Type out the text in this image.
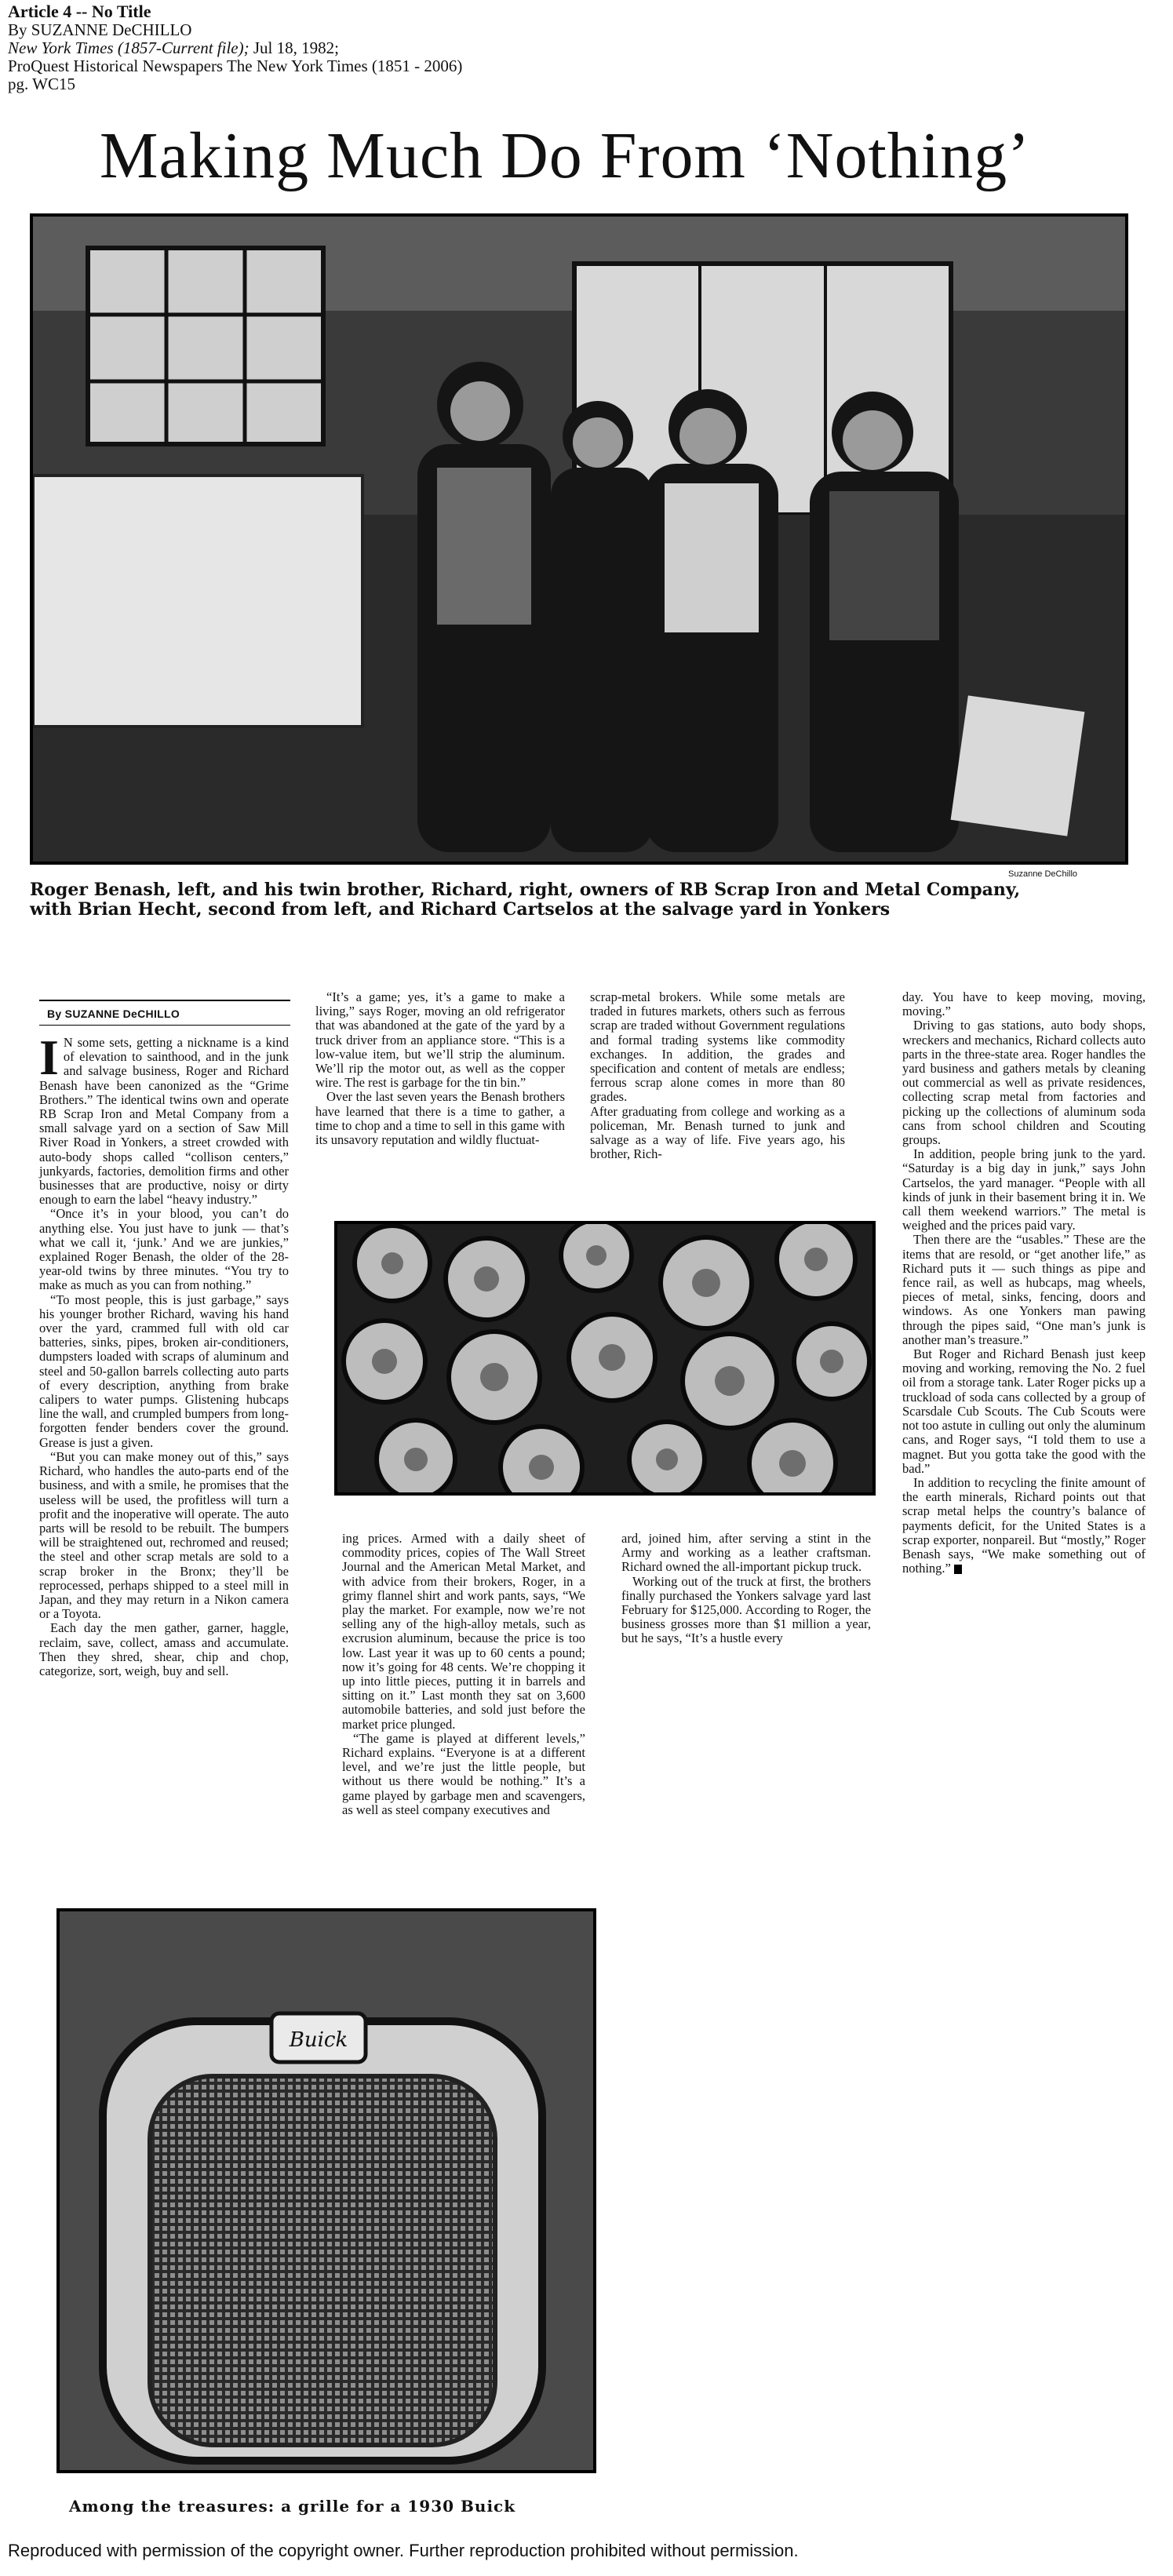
Article 4 -- No Title
By SUZANNE DeCHILLO
New York Times (1857-Current file); Jul 18, 1982;
ProQuest Historical Newspapers The New York Times (1851 - 2006)
pg. WC15
Making Much Do From ‘Nothing’
Suzanne DeChillo
Roger Benash, left, and his twin brother, Richard, right, owners of RB Scrap Iron and Metal Company,
with Brian Hecht, second from left, and Richard Cartselos at the salvage yard in Yonkers
By SUZANNE DeCHILLO

I N some sets, getting a nickname is a kind of elevation to sainthood, and in the junk and salvage business, Roger and Richard Benash have been canonized as the “Grime Brothers.” The identical twins own and operate RB Scrap Iron and Metal Company from a small salvage yard on a section of Saw Mill River Road in Yonkers, a street crowded with auto-body shops called “collison centers,” junkyards, factories, demolition firms and other businesses that are productive, noisy or dirty enough to earn the label “heavy industry.”

“Once it’s in your blood, you can’t do anything else. You just have to junk — that’s what we call it, ‘junk.’ And we are junkies,” explained Roger Benash, the older of the 28-year-old twins by three minutes. “You try to make as much as you can from nothing.”

“To most people, this is just garbage,” says his younger brother Richard, waving his hand over the yard, crammed full with old car batteries, sinks, pipes, broken air-conditioners, dumpsters loaded with scraps of aluminum and steel and 50-gallon barrels collecting auto parts of every description, anything from brake calipers to water pumps. Glistening hubcaps line the wall, and crumpled bumpers from long-forgotten fender benders cover the ground. Grease is just a given.

“But you can make money out of this,” says Richard, who handles the auto-parts end of the business, and with a smile, he promises that the useless will be used, the profitless will turn a profit and the inoperative will operate. The auto parts will be resold to be rebuilt. The bumpers will be straightened out, rechromed and reused; the steel and other scrap metals are sold to a scrap broker in the Bronx; they’ll be reprocessed, perhaps shipped to a steel mill in Japan, and they may return in a Nikon camera or a Toyota.

Each day the men gather, garner, haggle, reclaim, save, collect, amass and accumulate. Then they shred, shear, chip and chop, categorize, sort, weigh, buy and sell.

“It’s a game; yes, it’s a game to make a living,” says Roger, moving an old refrigerator that was abandoned at the gate of the yard by a truck driver from an appliance store. “This is a low-value item, but we’ll strip the aluminum. We’ll rip the motor out, as well as the copper wire. The rest is garbage for the tin bin.”

Over the last seven years the Benash brothers have learned that there is a time to gather, a time to chop and a time to sell in this game with its unsavory reputation and wildly fluctuat-

scrap-metal brokers. While some metals are traded in futures markets, others such as ferrous scrap are traded without Government regulations and formal trading systems like commodity exchanges. In addition, the grades and specification and content of metals are endless; ferrous scrap alone comes in more than 80 grades.

After graduating from college and working as a policeman, Mr. Benash turned to junk and salvage as a way of life. Five years ago, his brother, Rich-

ing prices. Armed with a daily sheet of commodity prices, copies of The Wall Street Journal and the American Metal Market, and with advice from their brokers, Roger, in a grimy flannel shirt and work pants, says, “We play the market. For example, now we’re not selling any of the high-alloy metals, such as excrusion aluminum, because the price is too low. Last year it was up to 60 cents a pound; now it’s going for 48 cents. We’re chopping it up into little pieces, putting it in barrels and sitting on it.” Last month they sat on 3,600 automobile batteries, and sold just before the market price plunged.

“The game is played at different levels,” Richard explains. “Everyone is at a different level, and we’re just the little people, but without us there would be nothing.” It’s a game played by garbage men and scavengers, as well as steel company executives and

ard, joined him, after serving a stint in the Army and working as a leather craftsman. Richard owned the all-important pickup truck.

Working out of the truck at first, the brothers finally purchased the Yonkers salvage yard last February for $125,000. According to Roger, the business grosses more than $1 million a year, but he says, “It’s a hustle every

day. You have to keep moving, moving, moving.”

Driving to gas stations, auto body shops, wreckers and mechanics, Richard collects auto parts in the three-state area. Roger handles the yard business and gathers metals by cleaning out commercial as well as private residences, collecting scrap metal from factories and picking up the collections of aluminum soda cans from school children and Scouting groups.

In addition, people bring junk to the yard. “Saturday is a big day in junk,” says John Cartselos, the yard manager. “People with all kinds of junk in their basement bring it in. We call them weekend warriors.” The metal is weighed and the prices paid vary.

Then there are the “usables.” These are the items that are resold, or “get another life,” as Richard puts it — such things as pipe and fence rail, as well as hubcaps, mag wheels, pieces of metal, sinks, fencing, doors and windows. As one Yonkers man pawing through the pipes said, “One man’s junk is another man’s treasure.”

But Roger and Richard Benash just keep moving and working, removing the No. 2 fuel oil from a storage tank. Later Roger picks up a truckload of soda cans collected by a group of Scarsdale Cub Scouts. The Cub Scouts were not too astute in culling out only the aluminum cans, and Roger says, “I told them to use a magnet. But you gotta take the good with the bad.”

In addition to recycling the finite amount of the earth minerals, Richard points out that scrap metal helps the country’s balance of payments deficit, for the United States is a scrap exporter, nonpareil. But “mostly,” Roger Benash says, “We make something out of nothing.”

Buick
Among the treasures: a grille for a 1930 Buick
Reproduced with permission of the copyright owner. Further reproduction prohibited without permission.
